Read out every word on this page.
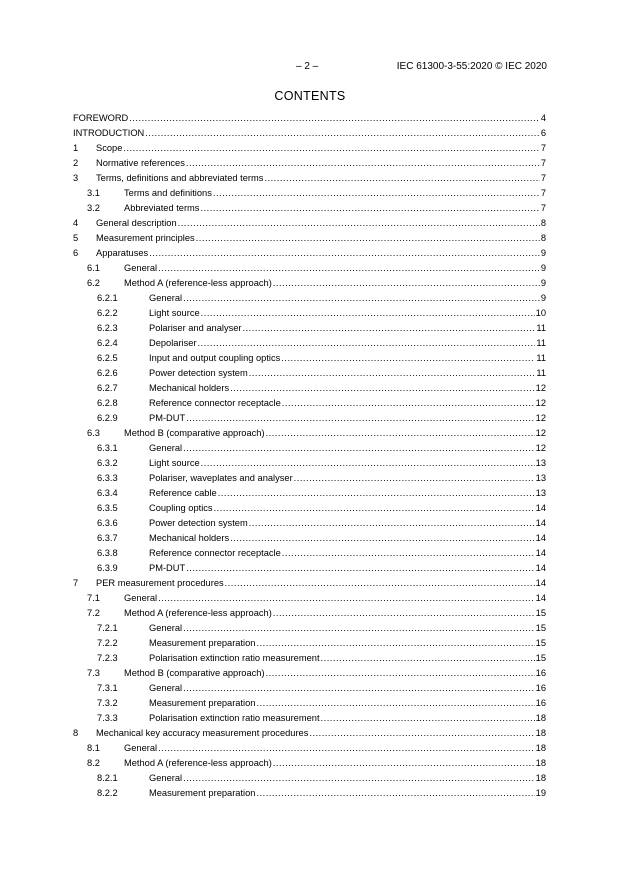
– 2 –	IEC 61300-3-55:2020 © IEC 2020
CONTENTS
FOREWORD .....	4
INTRODUCTION .....	6
1	Scope .....	7
2	Normative references .....	7
3	Terms, definitions and abbreviated terms .....	7
3.1	Terms and definitions .....	7
3.2	Abbreviated terms .....	7
4	General description .....	8
5	Measurement principles .....	8
6	Apparatuses .....	9
6.1	General .....	9
6.2	Method A (reference-less approach) .....	9
6.2.1	General .....	9
6.2.2	Light source .....	10
6.2.3	Polariser and analyser .....	11
6.2.4	Depolariser .....	11
6.2.5	Input and output coupling optics .....	11
6.2.6	Power detection system .....	11
6.2.7	Mechanical holders .....	12
6.2.8	Reference connector receptacle .....	12
6.2.9	PM-DUT .....	12
6.3	Method B (comparative approach) .....	12
6.3.1	General .....	12
6.3.2	Light source .....	13
6.3.3	Polariser, waveplates and analyser .....	13
6.3.4	Reference cable .....	13
6.3.5	Coupling optics .....	14
6.3.6	Power detection system .....	14
6.3.7	Mechanical holders .....	14
6.3.8	Reference connector receptacle .....	14
6.3.9	PM-DUT .....	14
7	PER measurement procedures .....	14
7.1	General .....	14
7.2	Method A (reference-less approach) .....	15
7.2.1	General .....	15
7.2.2	Measurement preparation .....	15
7.2.3	Polarisation extinction ratio measurement .....	15
7.3	Method B (comparative approach) .....	16
7.3.1	General .....	16
7.3.2	Measurement preparation .....	16
7.3.3	Polarisation extinction ratio measurement .....	18
8	Mechanical key accuracy measurement procedures .....	18
8.1	General .....	18
8.2	Method A (reference-less approach) .....	18
8.2.1	General .....	18
8.2.2	Measurement preparation .....	19
